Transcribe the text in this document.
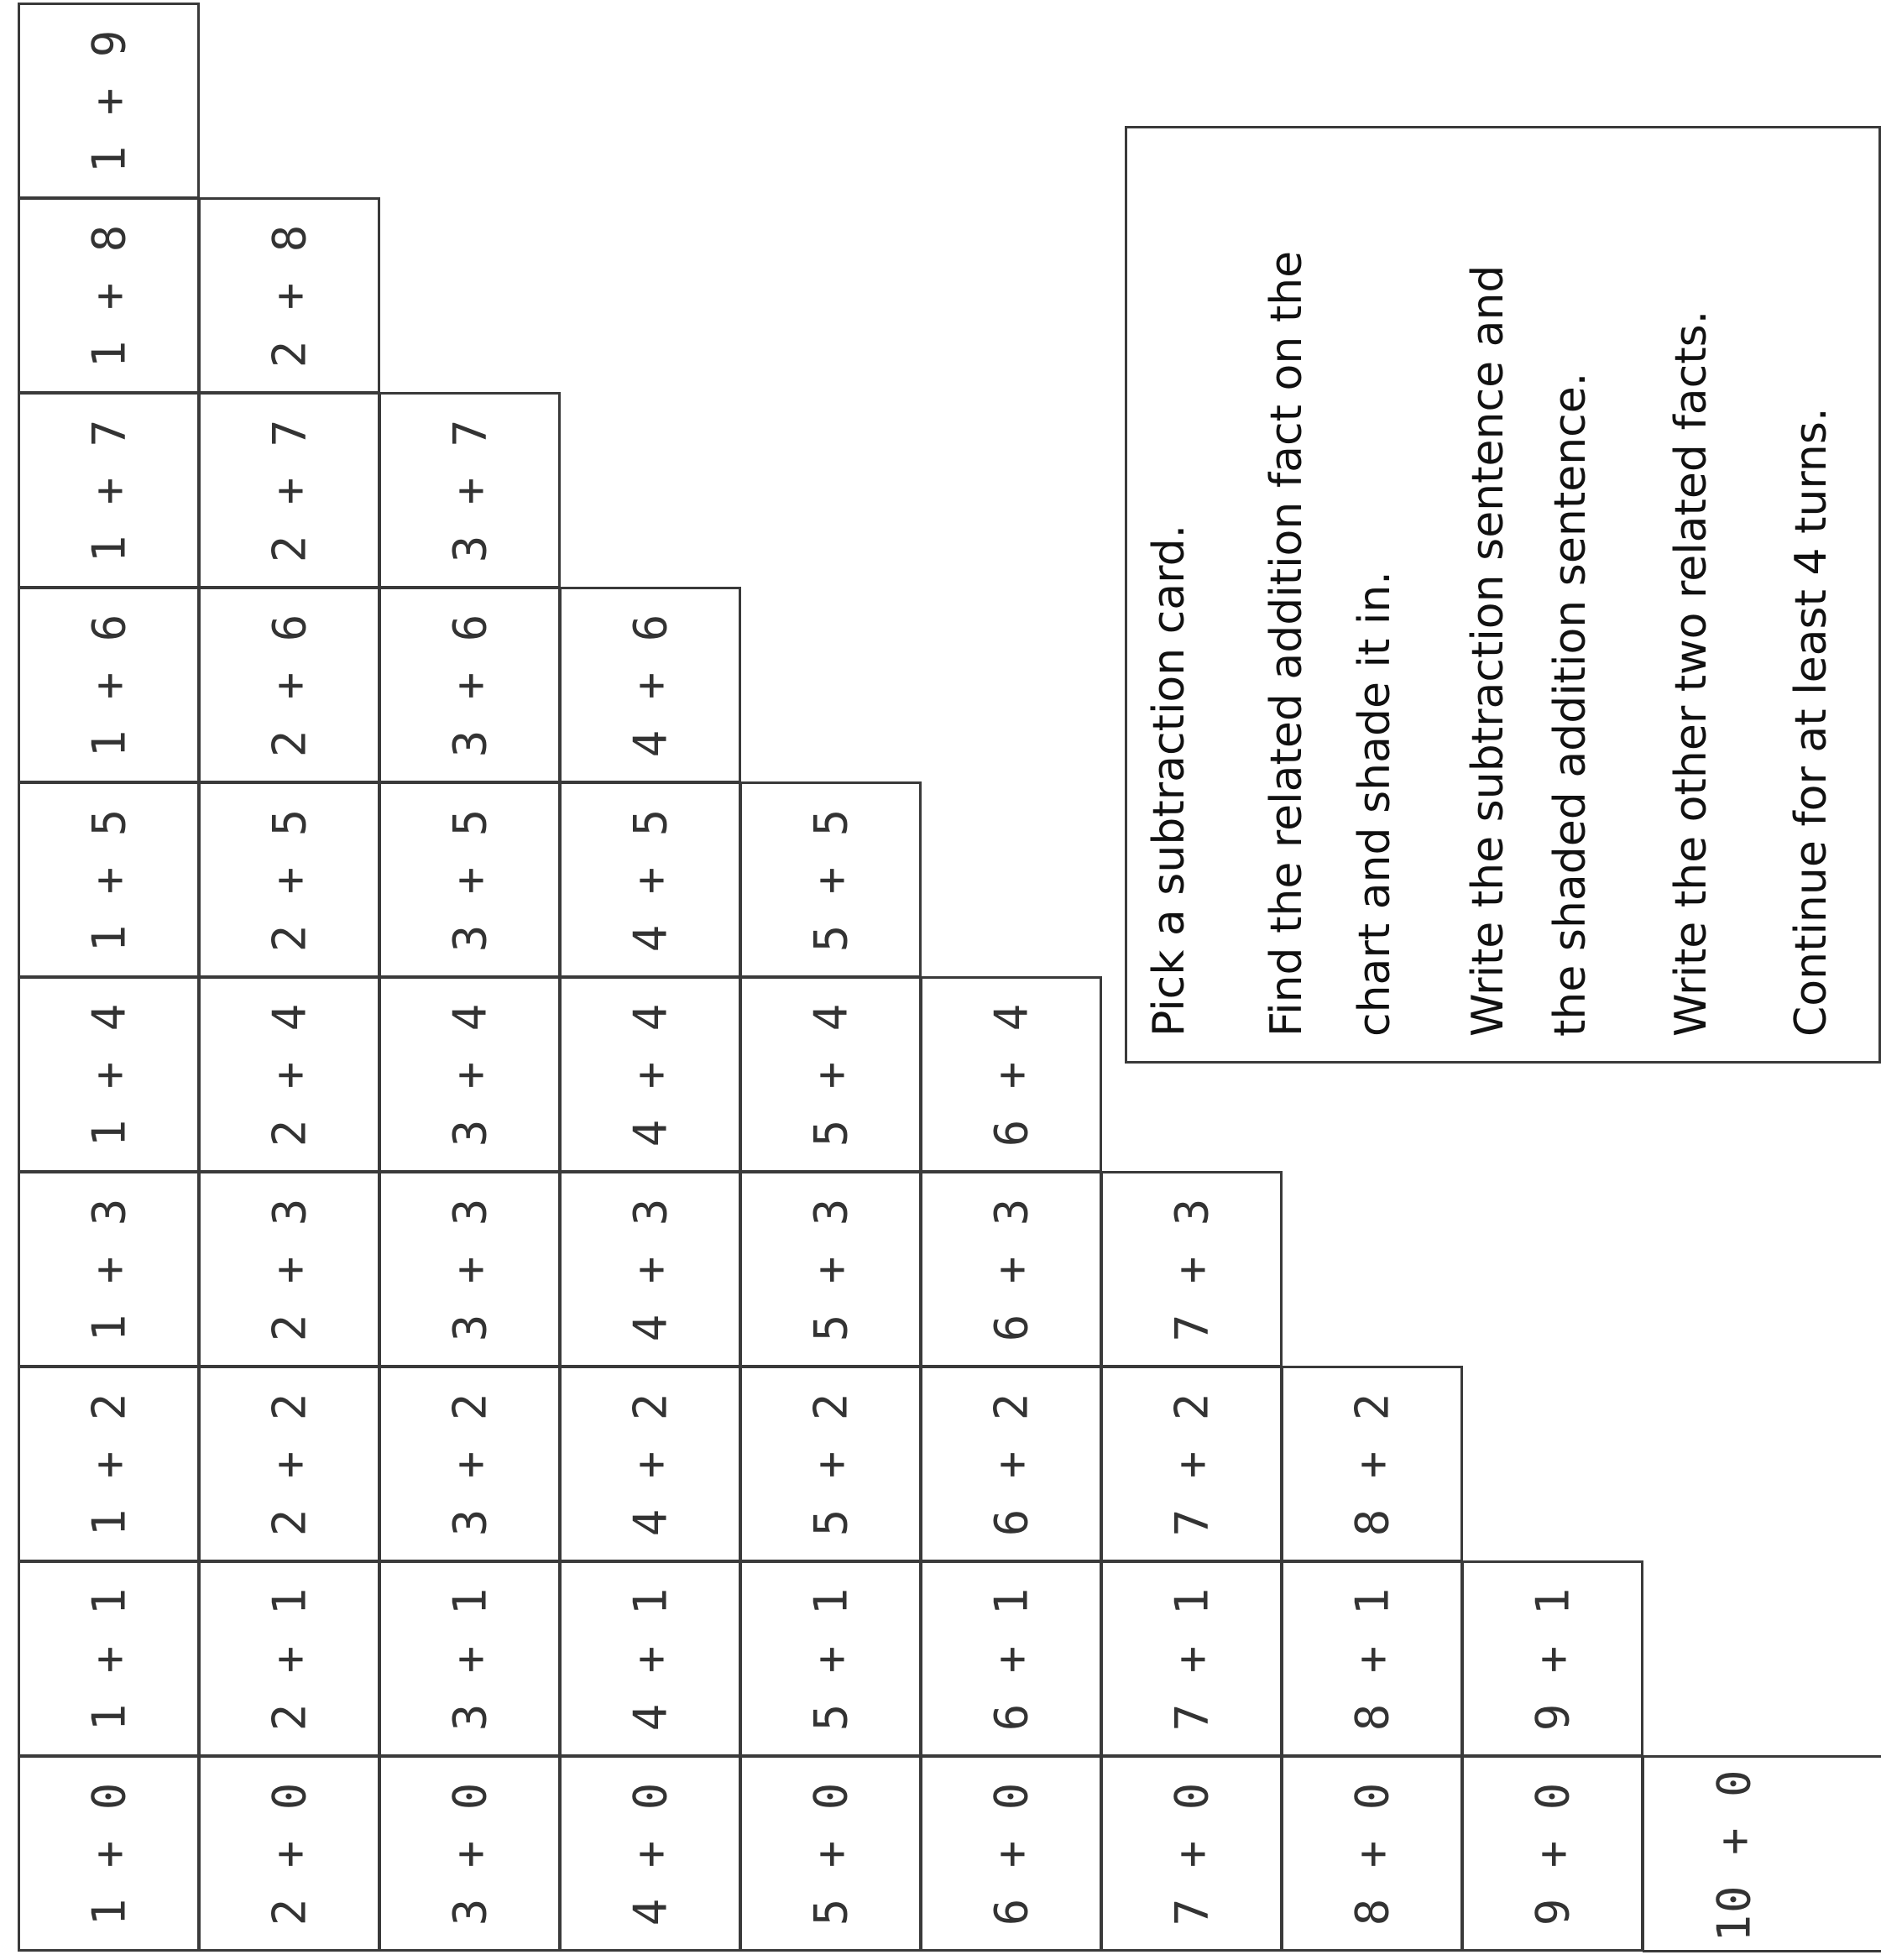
1 + 0
1 + 1
1 + 2
1 + 3
1 + 4
1 + 5
1 + 6
1 + 7
1 + 8
1 + 9
2 + 0
2 + 1
2 + 2
2 + 3
2 + 4
2 + 5
2 + 6
2 + 7
2 + 8
3 + 0
3 + 1
3 + 2
3 + 3
3 + 4
3 + 5
3 + 6
3 + 7
4 + 0
4 + 1
4 + 2
4 + 3
4 + 4
4 + 5
4 + 6
5 + 0
5 + 1
5 + 2
5 + 3
5 + 4
5 + 5
6 + 0
6 + 1
6 + 2
6 + 3
6 + 4
7 + 0
7 + 1
7 + 2
7 + 3
8 + 0
8 + 1
8 + 2
9 + 0
9 + 1
10 + 0
Pick a subtraction card. Find the related addition fact on the chart and shade it in. Write the subtraction sentence and the shaded addition sentence. Write the other two related facts. Continue for at least 4 turns.
